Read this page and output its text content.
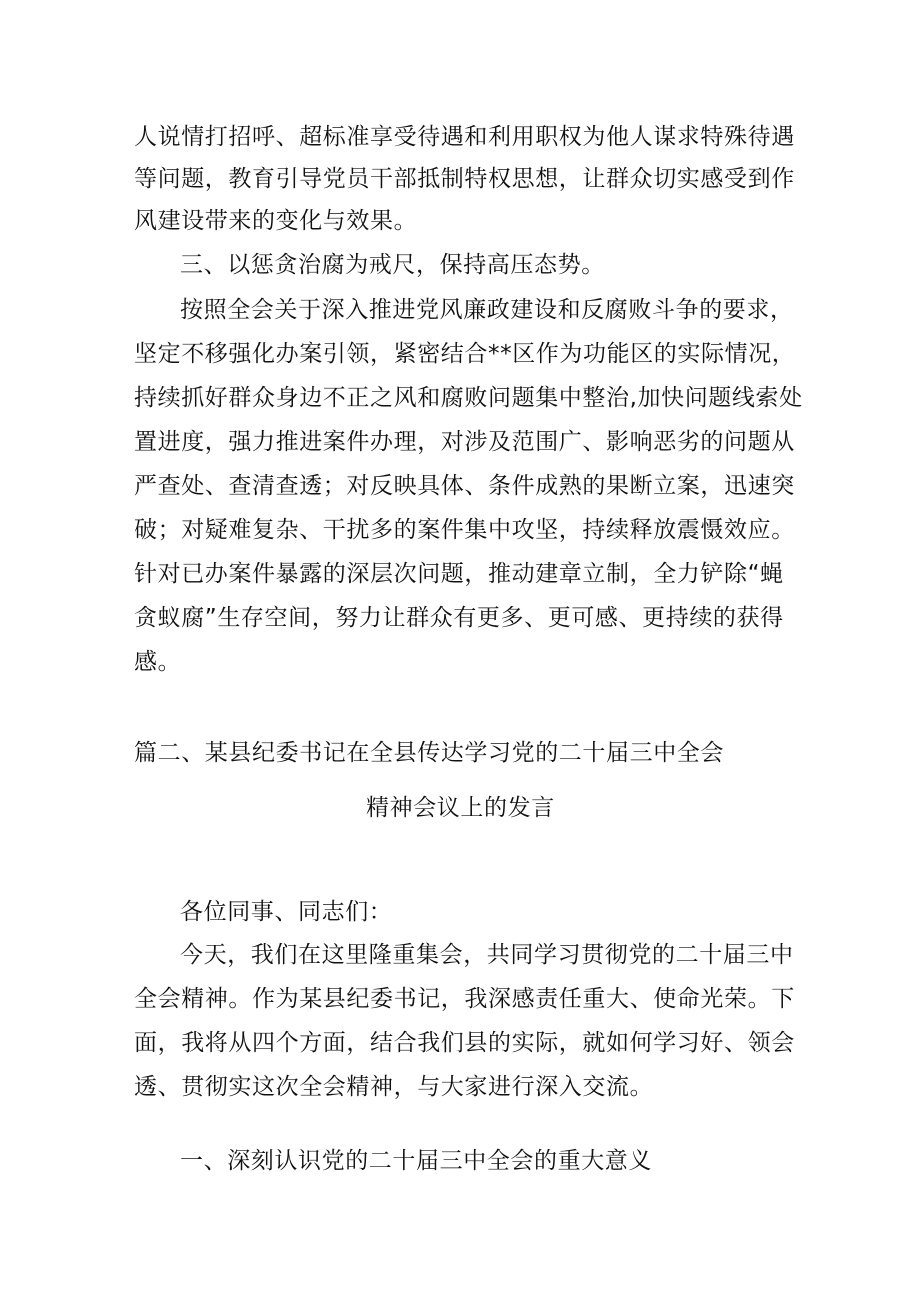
人说情打招呼、超标准享受待遇和利用职权为他人谋求特殊待遇
等问题，教育引导党员干部抵制特权思想，让群众切实感受到作
风建设带来的变化与效果。
三、以惩贪治腐为戒尺，保持高压态势。
按照全会关于深入推进党风廉政建设和反腐败斗争的要求，
坚定不移强化办案引领，紧密结合**区作为功能区的实际情况，
持续抓好群众身边不正之风和腐败问题集中整治,加快问题线索处
置进度，强力推进案件办理，对涉及范围广、影响恶劣的问题从
严查处、查清查透；对反映具体、条件成熟的果断立案，迅速突
破；对疑难复杂、干扰多的案件集中攻坚，持续释放震慑效应。
针对已办案件暴露的深层次问题，推动建章立制，全力铲除“蝇
贪蚁腐”生存空间，努力让群众有更多、更可感、更持续的获得
感。
篇二、某县纪委书记在全县传达学习党的二十届三中全会
精神会议上的发言
各位同事、同志们：
今天，我们在这里隆重集会，共同学习贯彻党的二十届三中
全会精神。作为某县纪委书记，我深感责任重大、使命光荣。下
面，我将从四个方面，结合我们县的实际，就如何学习好、领会
透、贯彻实这次全会精神，与大家进行深入交流。
一、深刻认识党的二十届三中全会的重大意义
